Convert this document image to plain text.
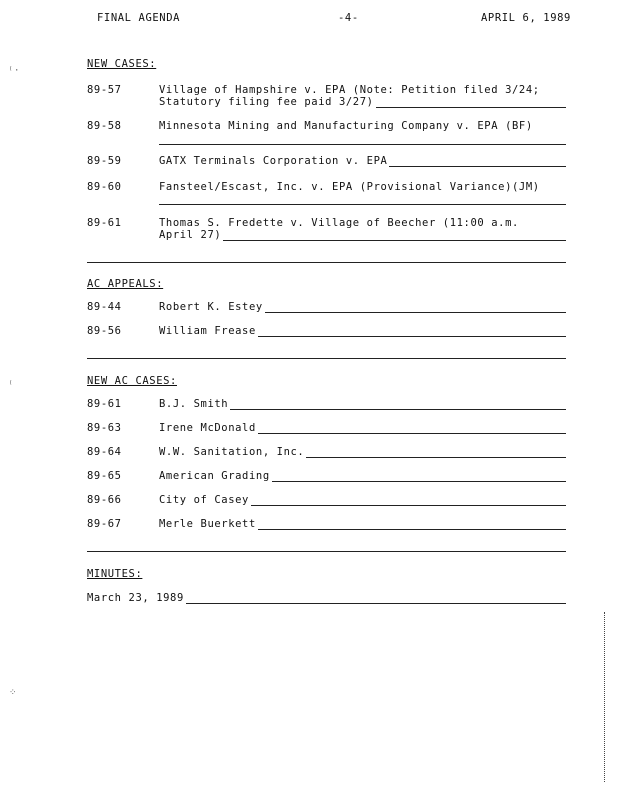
FINAL AGENDA	-4-	APRIL 6, 1989
NEW CASES:
89-57	Village of Hampshire v. EPA (Note: Petition filed 3/24;
Statutory filing fee paid 3/27)
89-58	Minnesota Mining and Manufacturing Company v. EPA (BF)
89-59	GATX Terminals Corporation v. EPA
89-60	Fansteel/Escast, Inc. v. EPA (Provisional Variance)(JM)
89-61	Thomas S. Fredette v. Village of Beecher (11:00 a.m.
April 27)
AC APPEALS:
89-44	Robert K. Estey
89-56	William Frease
NEW AC CASES:
89-61	B.J. Smith
89-63	Irene McDonald
89-64	W.W. Sanitation, Inc.
89-65	American Grading
89-66	City of Casey
89-67	Merle Buerkett
MINUTES:
March 23, 1989
⁽·
⁽
⁘
